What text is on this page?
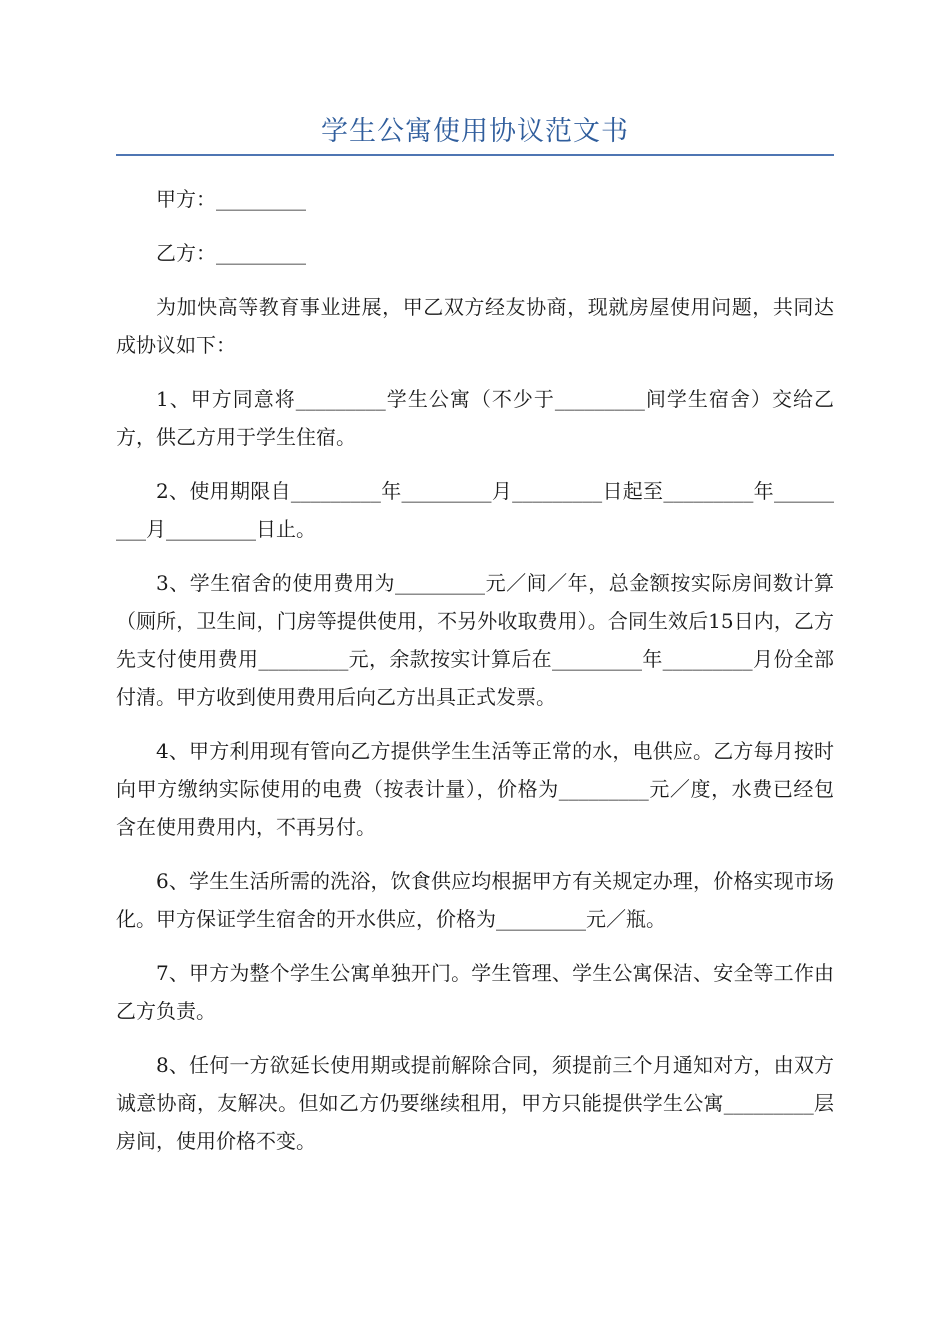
学生公寓使用协议范文书

甲方：_________

乙方：_________

为加快高等教育事业进展，甲乙双方经友协商，现就房屋使用问题，共同达成协议如下：

1、甲方同意将_________学生公寓（不少于_________间学生宿舍）交给乙方，供乙方用于学生住宿。

2、使用期限自_________年_________月_________日起至_________年_________月_________日止。

3、学生宿舍的使用费用为_________元／间／年，总金额按实际房间数计算（厕所，卫生间，门房等提供使用，不另外收取费用）。合同生效后15日内，乙方先支付使用费用_________元，余款按实计算后在_________年_________月份全部付清。甲方收到使用费用后向乙方出具正式发票。

4、甲方利用现有管向乙方提供学生生活等正常的水，电供应。乙方每月按时向甲方缴纳实际使用的电费（按表计量），价格为_________元／度，水费已经包含在使用费用内，不再另付。

6、学生生活所需的洗浴，饮食供应均根据甲方有关规定办理，价格实现市场化。甲方保证学生宿舍的开水供应，价格为_________元／瓶。

7、甲方为整个学生公寓单独开门。学生管理、学生公寓保洁、安全等工作由乙方负责。

8、任何一方欲延长使用期或提前解除合同，须提前三个月通知对方，由双方诚意协商，友解决。但如乙方仍要继续租用，甲方只能提供学生公寓_________层房间，使用价格不变。
